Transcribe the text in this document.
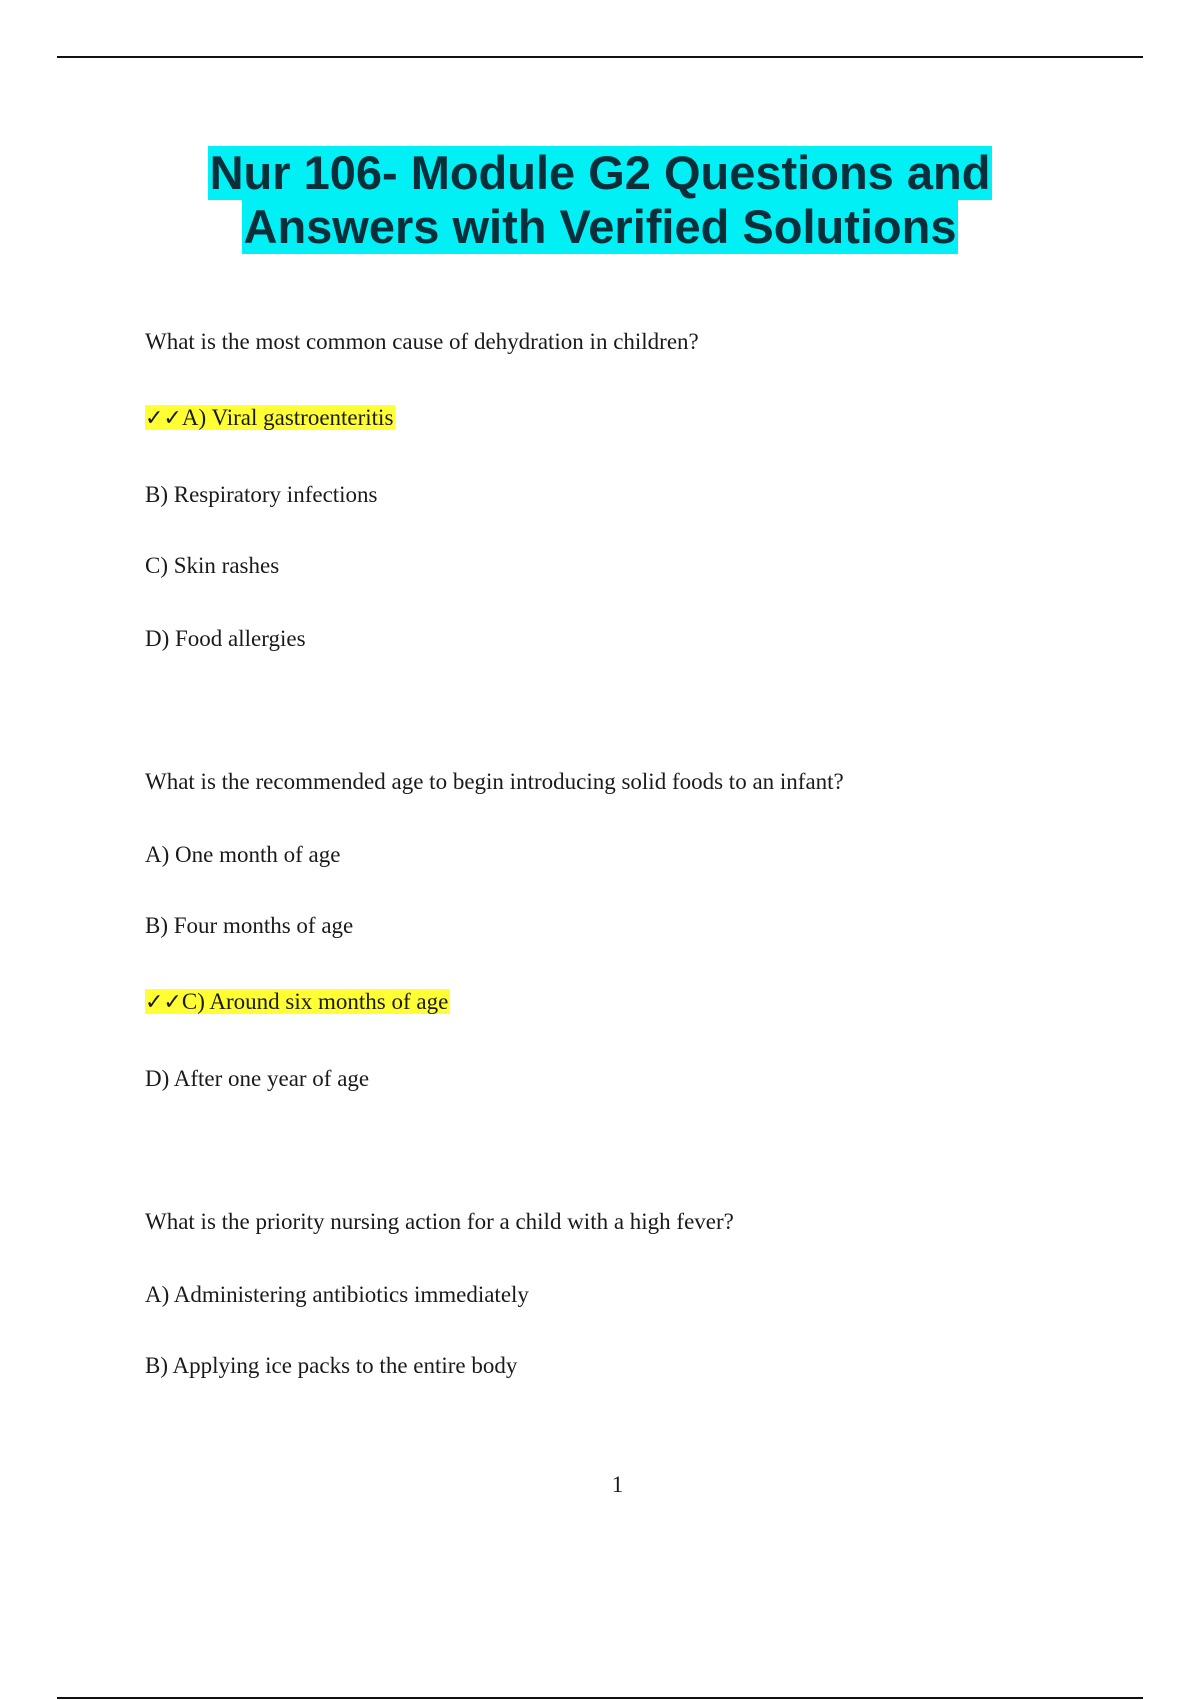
Nur 106- Module G2 Questions and
Answers with Verified Solutions
What is the most common cause of dehydration in children?
✓✓A) Viral gastroenteritis
B) Respiratory infections
C) Skin rashes
D) Food allergies
What is the recommended age to begin introducing solid foods to an infant?
A) One month of age
B) Four months of age
✓✓C) Around six months of age
D) After one year of age
What is the priority nursing action for a child with a high fever?
A) Administering antibiotics immediately
B) Applying ice packs to the entire body
1
